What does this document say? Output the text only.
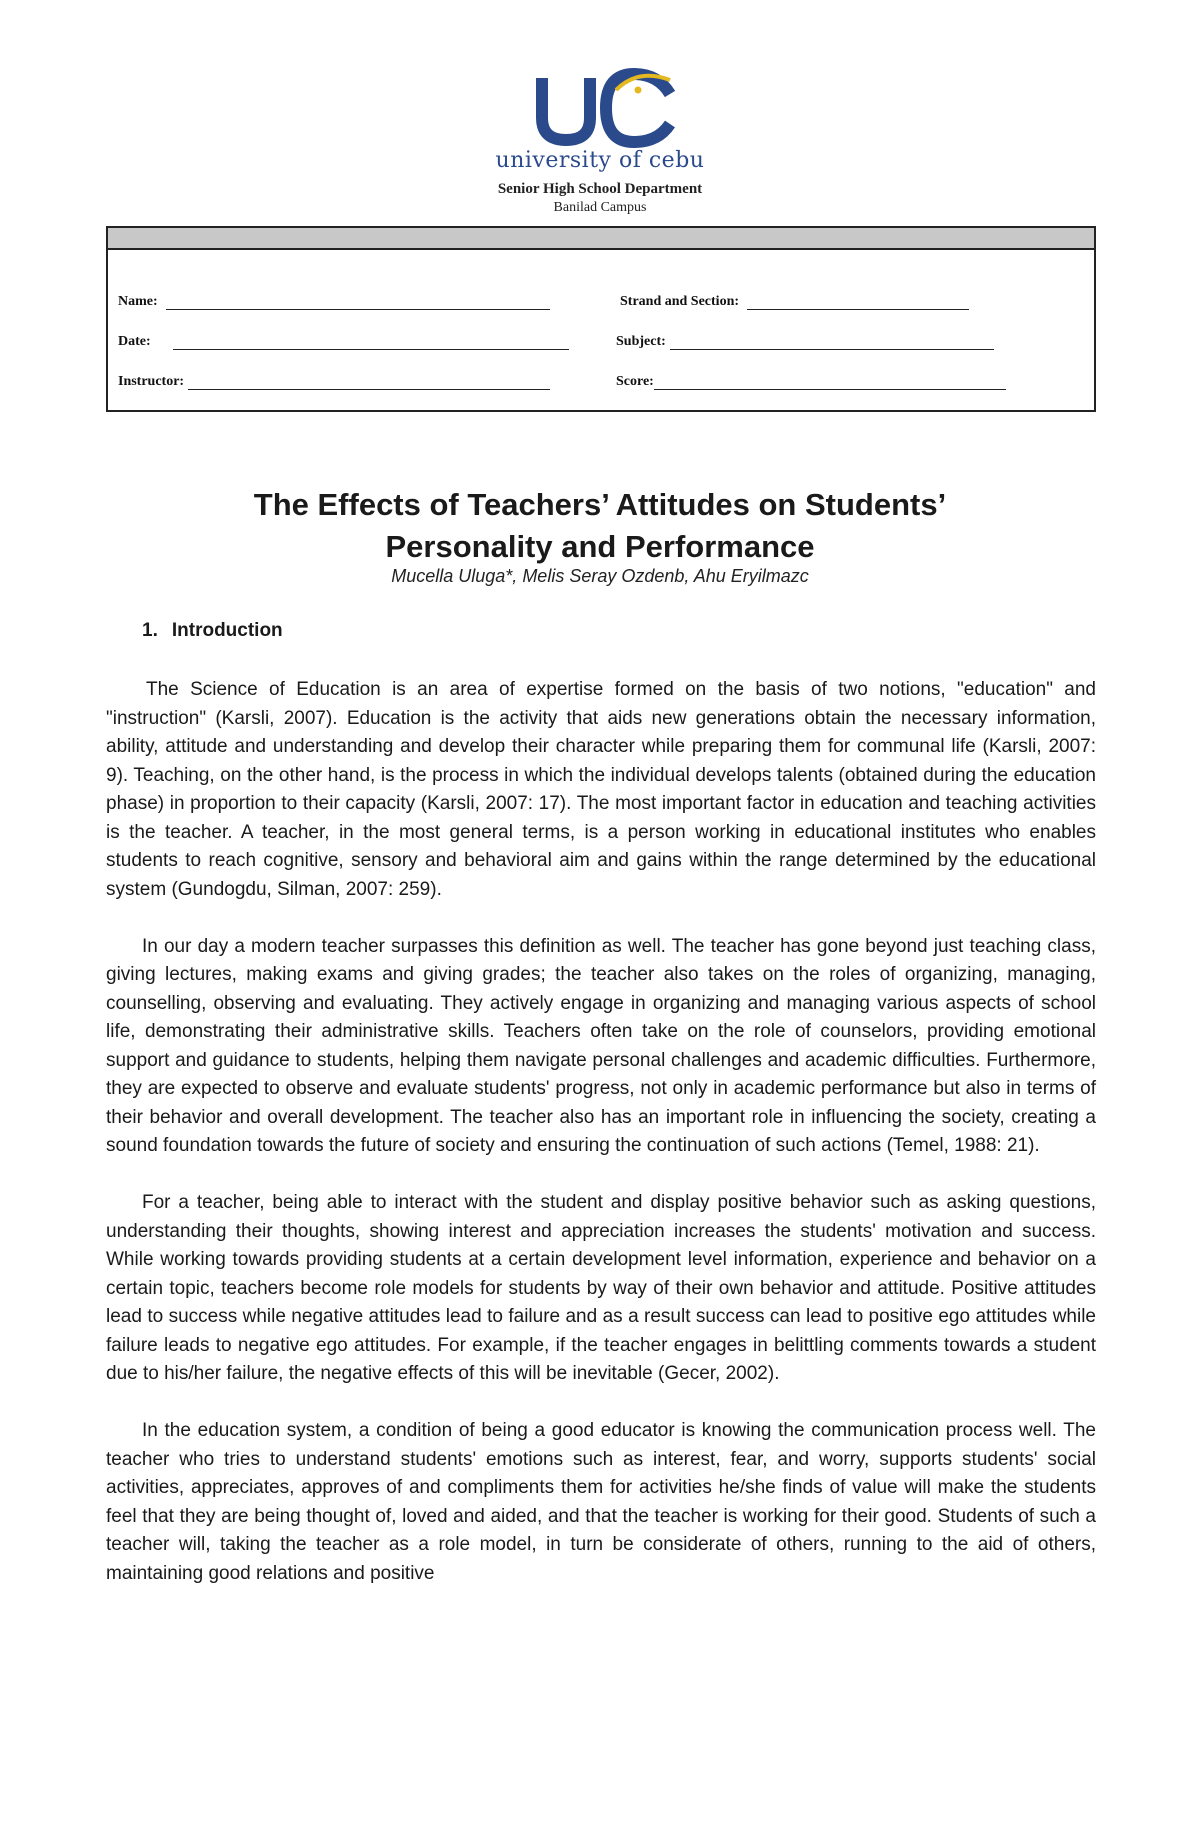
university of cebu
Senior High School Department
Banilad Campus
Name:
Date:
Instructor:
Strand and Section:
Subject:
Score:
The Effects of Teachers’ Attitudes on Students’
Personality and Performance
Mucella Uluga*, Melis Seray Ozdenb, Ahu Eryilmazc
1. Introduction

The Science of Education is an area of expertise formed on the basis of two notions, "education" and "instruction" (Karsli, 2007). Education is the activity that aids new generations obtain the necessary information, ability, attitude and understanding and develop their character while preparing them for communal life (Karsli, 2007: 9). Teaching, on the other hand, is the process in which the individual develops talents (obtained during the education phase) in proportion to their capacity (Karsli, 2007: 17). The most important factor in education and teaching activities is the teacher. A teacher, in the most general terms, is a person working in educational institutes who enables students to reach cognitive, sensory and behavioral aim and gains within the range determined by the educational system (Gundogdu, Silman, 2007: 259).

In our day a modern teacher surpasses this definition as well. The teacher has gone beyond just teaching class, giving lectures, making exams and giving grades; the teacher also takes on the roles of organizing, managing, counselling, observing and evaluating. They actively engage in organizing and managing various aspects of school life, demonstrating their administrative skills. Teachers often take on the role of counselors, providing emotional support and guidance to students, helping them navigate personal challenges and academic difficulties. Furthermore, they are expected to observe and evaluate students' progress, not only in academic performance but also in terms of their behavior and overall development. The teacher also has an important role in influencing the society, creating a sound foundation towards the future of society and ensuring the continuation of such actions (Temel, 1988: 21).

For a teacher, being able to interact with the student and display positive behavior such as asking questions, understanding their thoughts, showing interest and appreciation increases the students' motivation and success. While working towards providing students at a certain development level information, experience and behavior on a certain topic, teachers become role models for students by way of their own behavior and attitude. Positive attitudes lead to success while negative attitudes lead to failure and as a result success can lead to positive ego attitudes while failure leads to negative ego attitudes. For example, if the teacher engages in belittling comments towards a student due to his/her failure, the negative effects of this will be inevitable (Gecer, 2002).

In the education system, a condition of being a good educator is knowing the communication process well. The teacher who tries to understand students' emotions such as interest, fear, and worry, supports students' social activities, appreciates, approves of and compliments them for activities he/she finds of value will make the students feel that they are being thought of, loved and aided, and that the teacher is working for their good. Students of such a teacher will, taking the teacher as a role model, in turn be considerate of others, running to the aid of others, maintaining good relations and positive
